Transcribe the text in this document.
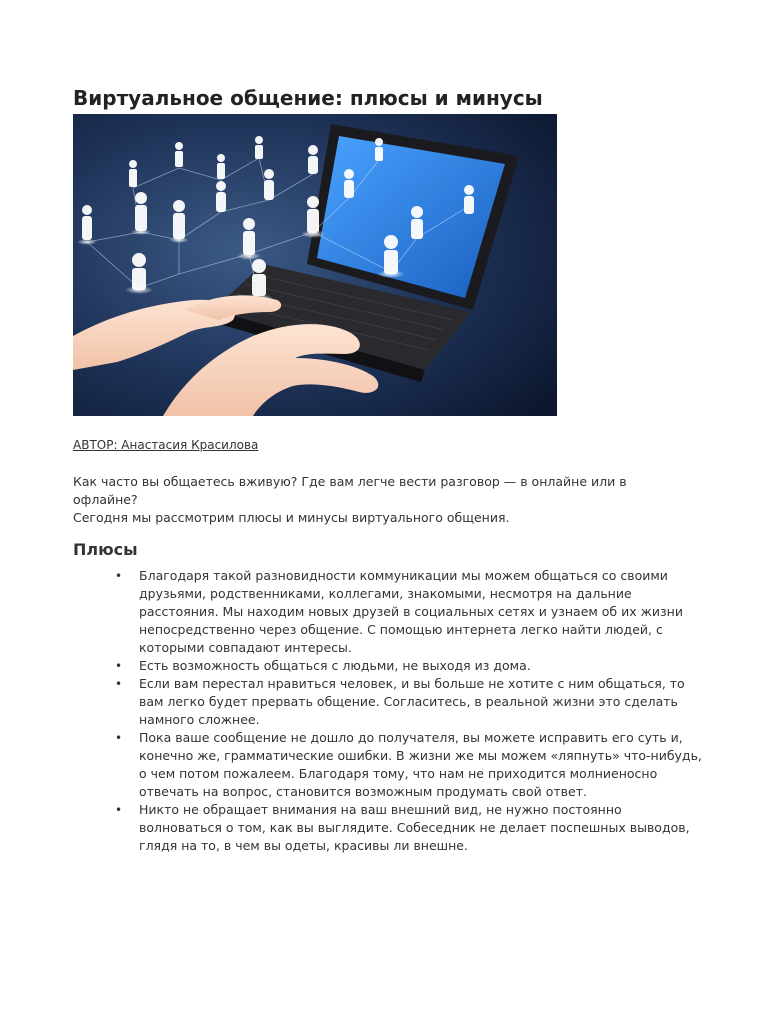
Виртуальное общение: плюсы и минусы
АВТОР: Анастасия Красилова

Как часто вы общаетесь вживую? Где вам легче вести разговор — в онлайне или в офлайне?

Сегодня мы рассмотрим плюсы и минусы виртуального общения.

Плюсы
• Благодаря такой разновидности коммуникации мы можем общаться со своими друзьями, родственниками, коллегами, знакомыми, несмотря на дальние расстояния. Мы находим новых друзей в социальных сетях и узнаем об их жизни непосредственно через общение. С помощью интернета легко найти людей, с которыми совпадают интересы.
• Есть возможность общаться с людьми, не выходя из дома.
• Если вам перестал нравиться человек, и вы больше не хотите с ним общаться, то вам легко будет прервать общение. Согласитесь, в реальной жизни это сделать намного сложнее.
• Пока ваше сообщение не дошло до получателя, вы можете исправить его суть и, конечно же, грамматические ошибки. В жизни же мы можем «ляпнуть» что-нибудь, о чем потом пожалеем. Благодаря тому, что нам не приходится молниеносно отвечать на вопрос, становится возможным продумать свой ответ.
• Никто не обращает внимания на ваш внешний вид, не нужно постоянно волноваться о том, как вы выглядите. Собеседник не делает поспешных выводов, глядя на то, в чем вы одеты, красивы ли внешне.
